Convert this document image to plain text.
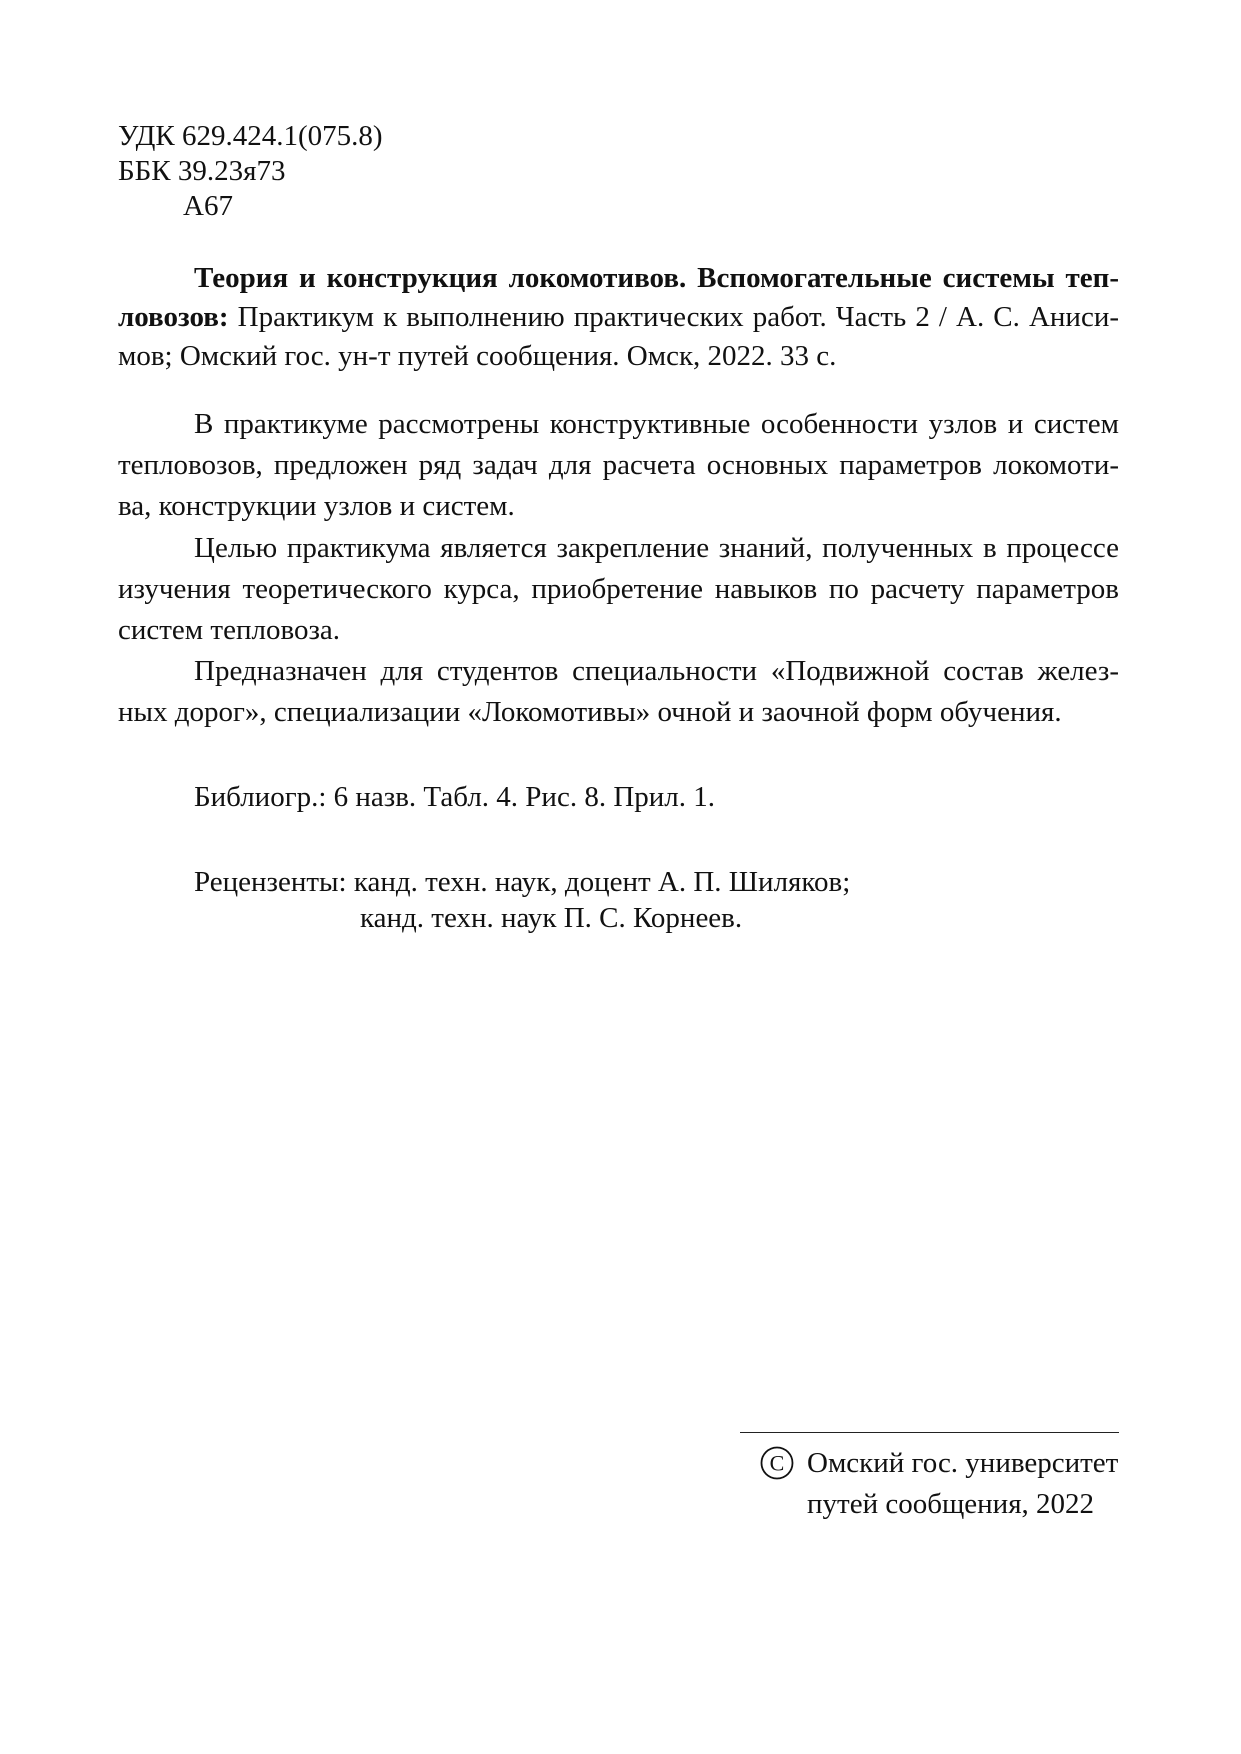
УДК 629.424.1(075.8)
ББК 39.23я73
А67
Теория и конструкция локомотивов. Вспомогательные системы теп-
ловозов: Практикум к выполнению практических работ. Часть 2 / А. С. Аниси-
мов; Омский гос. ун-т путей сообщения. Омск, 2022. 33 с.
В практикуме рассмотрены конструктивные особенности узлов и систем
тепловозов, предложен ряд задач для расчета основных параметров локомоти-
ва, конструкции узлов и систем.
Целью практикума является закрепление знаний, полученных в процессе
изучения теоретического курса, приобретение навыков по расчету параметров
систем тепловоза.
Предназначен для студентов специальности «Подвижной состав желез-
ных дорог», специализации «Локомотивы» очной и заочной форм обучения.
Библиогр.: 6 назв. Табл. 4. Рис. 8. Прил. 1.
Рецензенты: канд. техн. наук, доцент А. П. Шиляков;
канд. техн. наук П. С. Корнеев.
C Омский гос. университет
путей сообщения, 2022
